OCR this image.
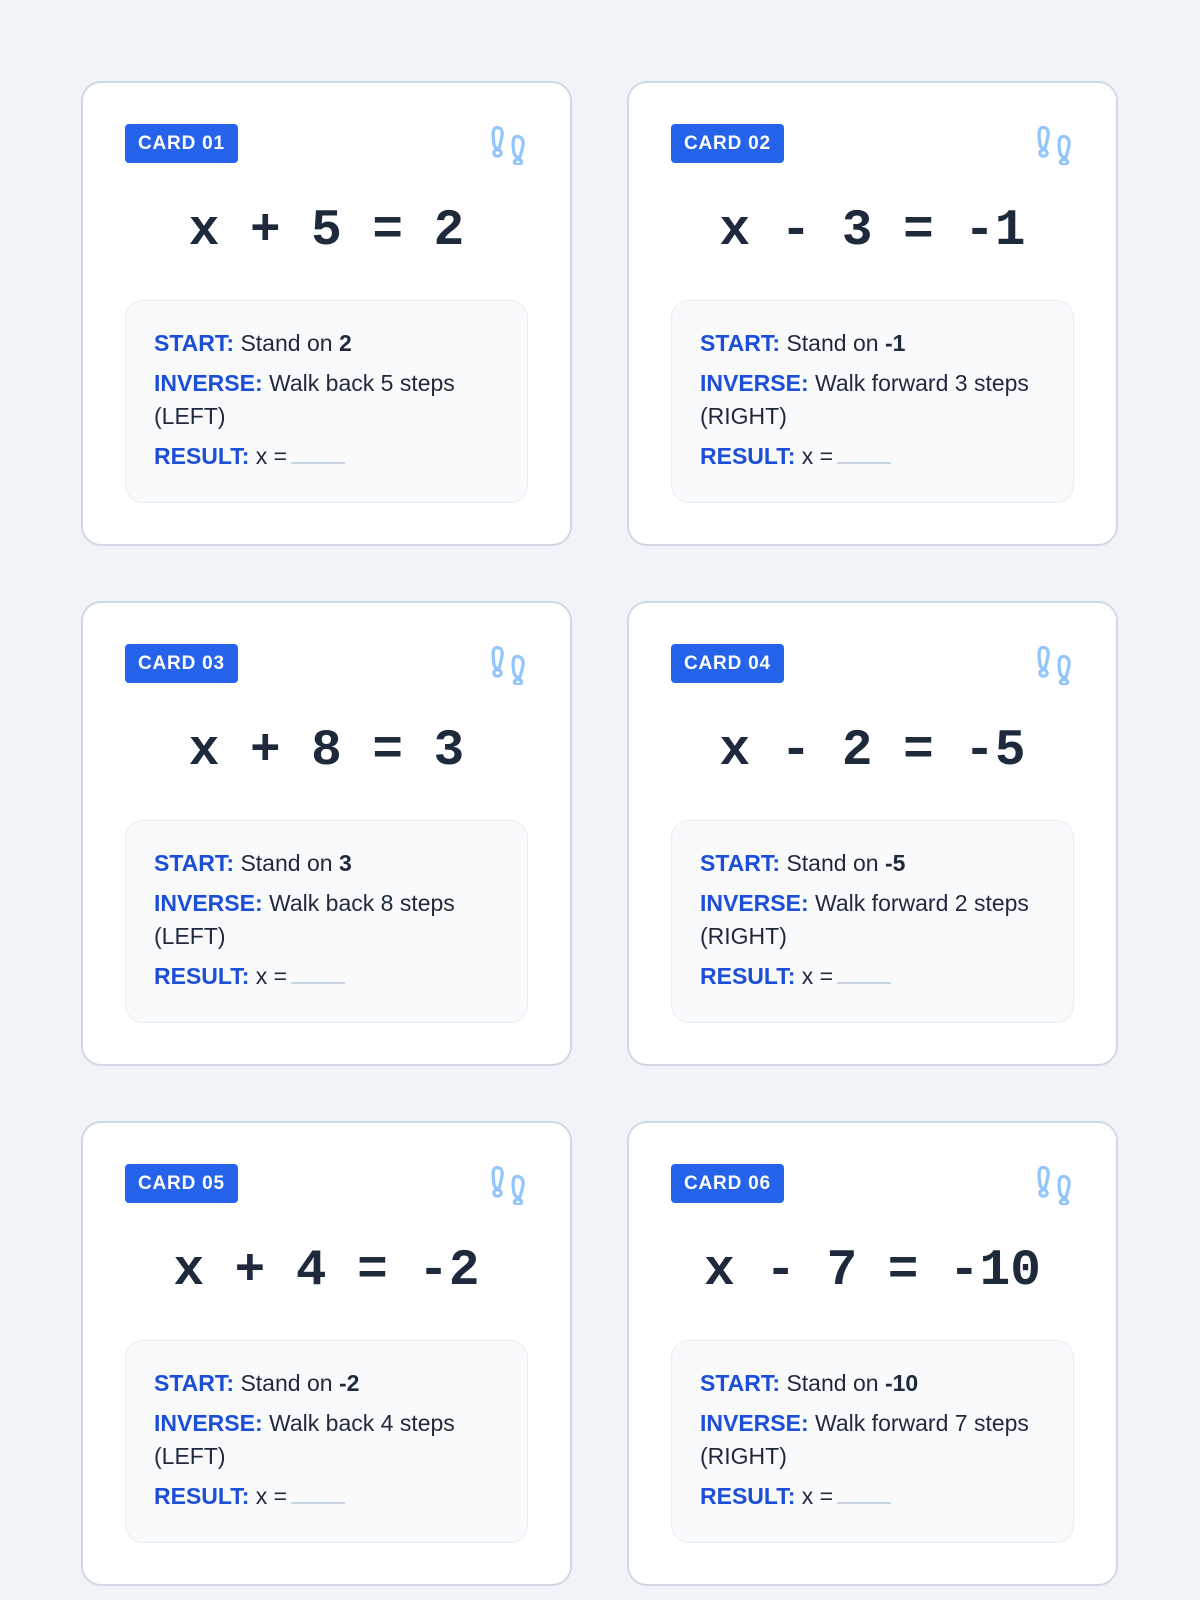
CARD 01
x + 5 = 2
START: Stand on 2
INVERSE: Walk back 5 steps (LEFT)
RESULT: x =
CARD 02
x - 3 = -1
START: Stand on -1
INVERSE: Walk forward 3 steps (RIGHT)
RESULT: x =
CARD 03
x + 8 = 3
START: Stand on 3
INVERSE: Walk back 8 steps (LEFT)
RESULT: x =
CARD 04
x - 2 = -5
START: Stand on -5
INVERSE: Walk forward 2 steps (RIGHT)
RESULT: x =
CARD 05
x + 4 = -2
START: Stand on -2
INVERSE: Walk back 4 steps (LEFT)
RESULT: x =
CARD 06
x - 7 = -10
START: Stand on -10
INVERSE: Walk forward 7 steps (RIGHT)
RESULT: x =
